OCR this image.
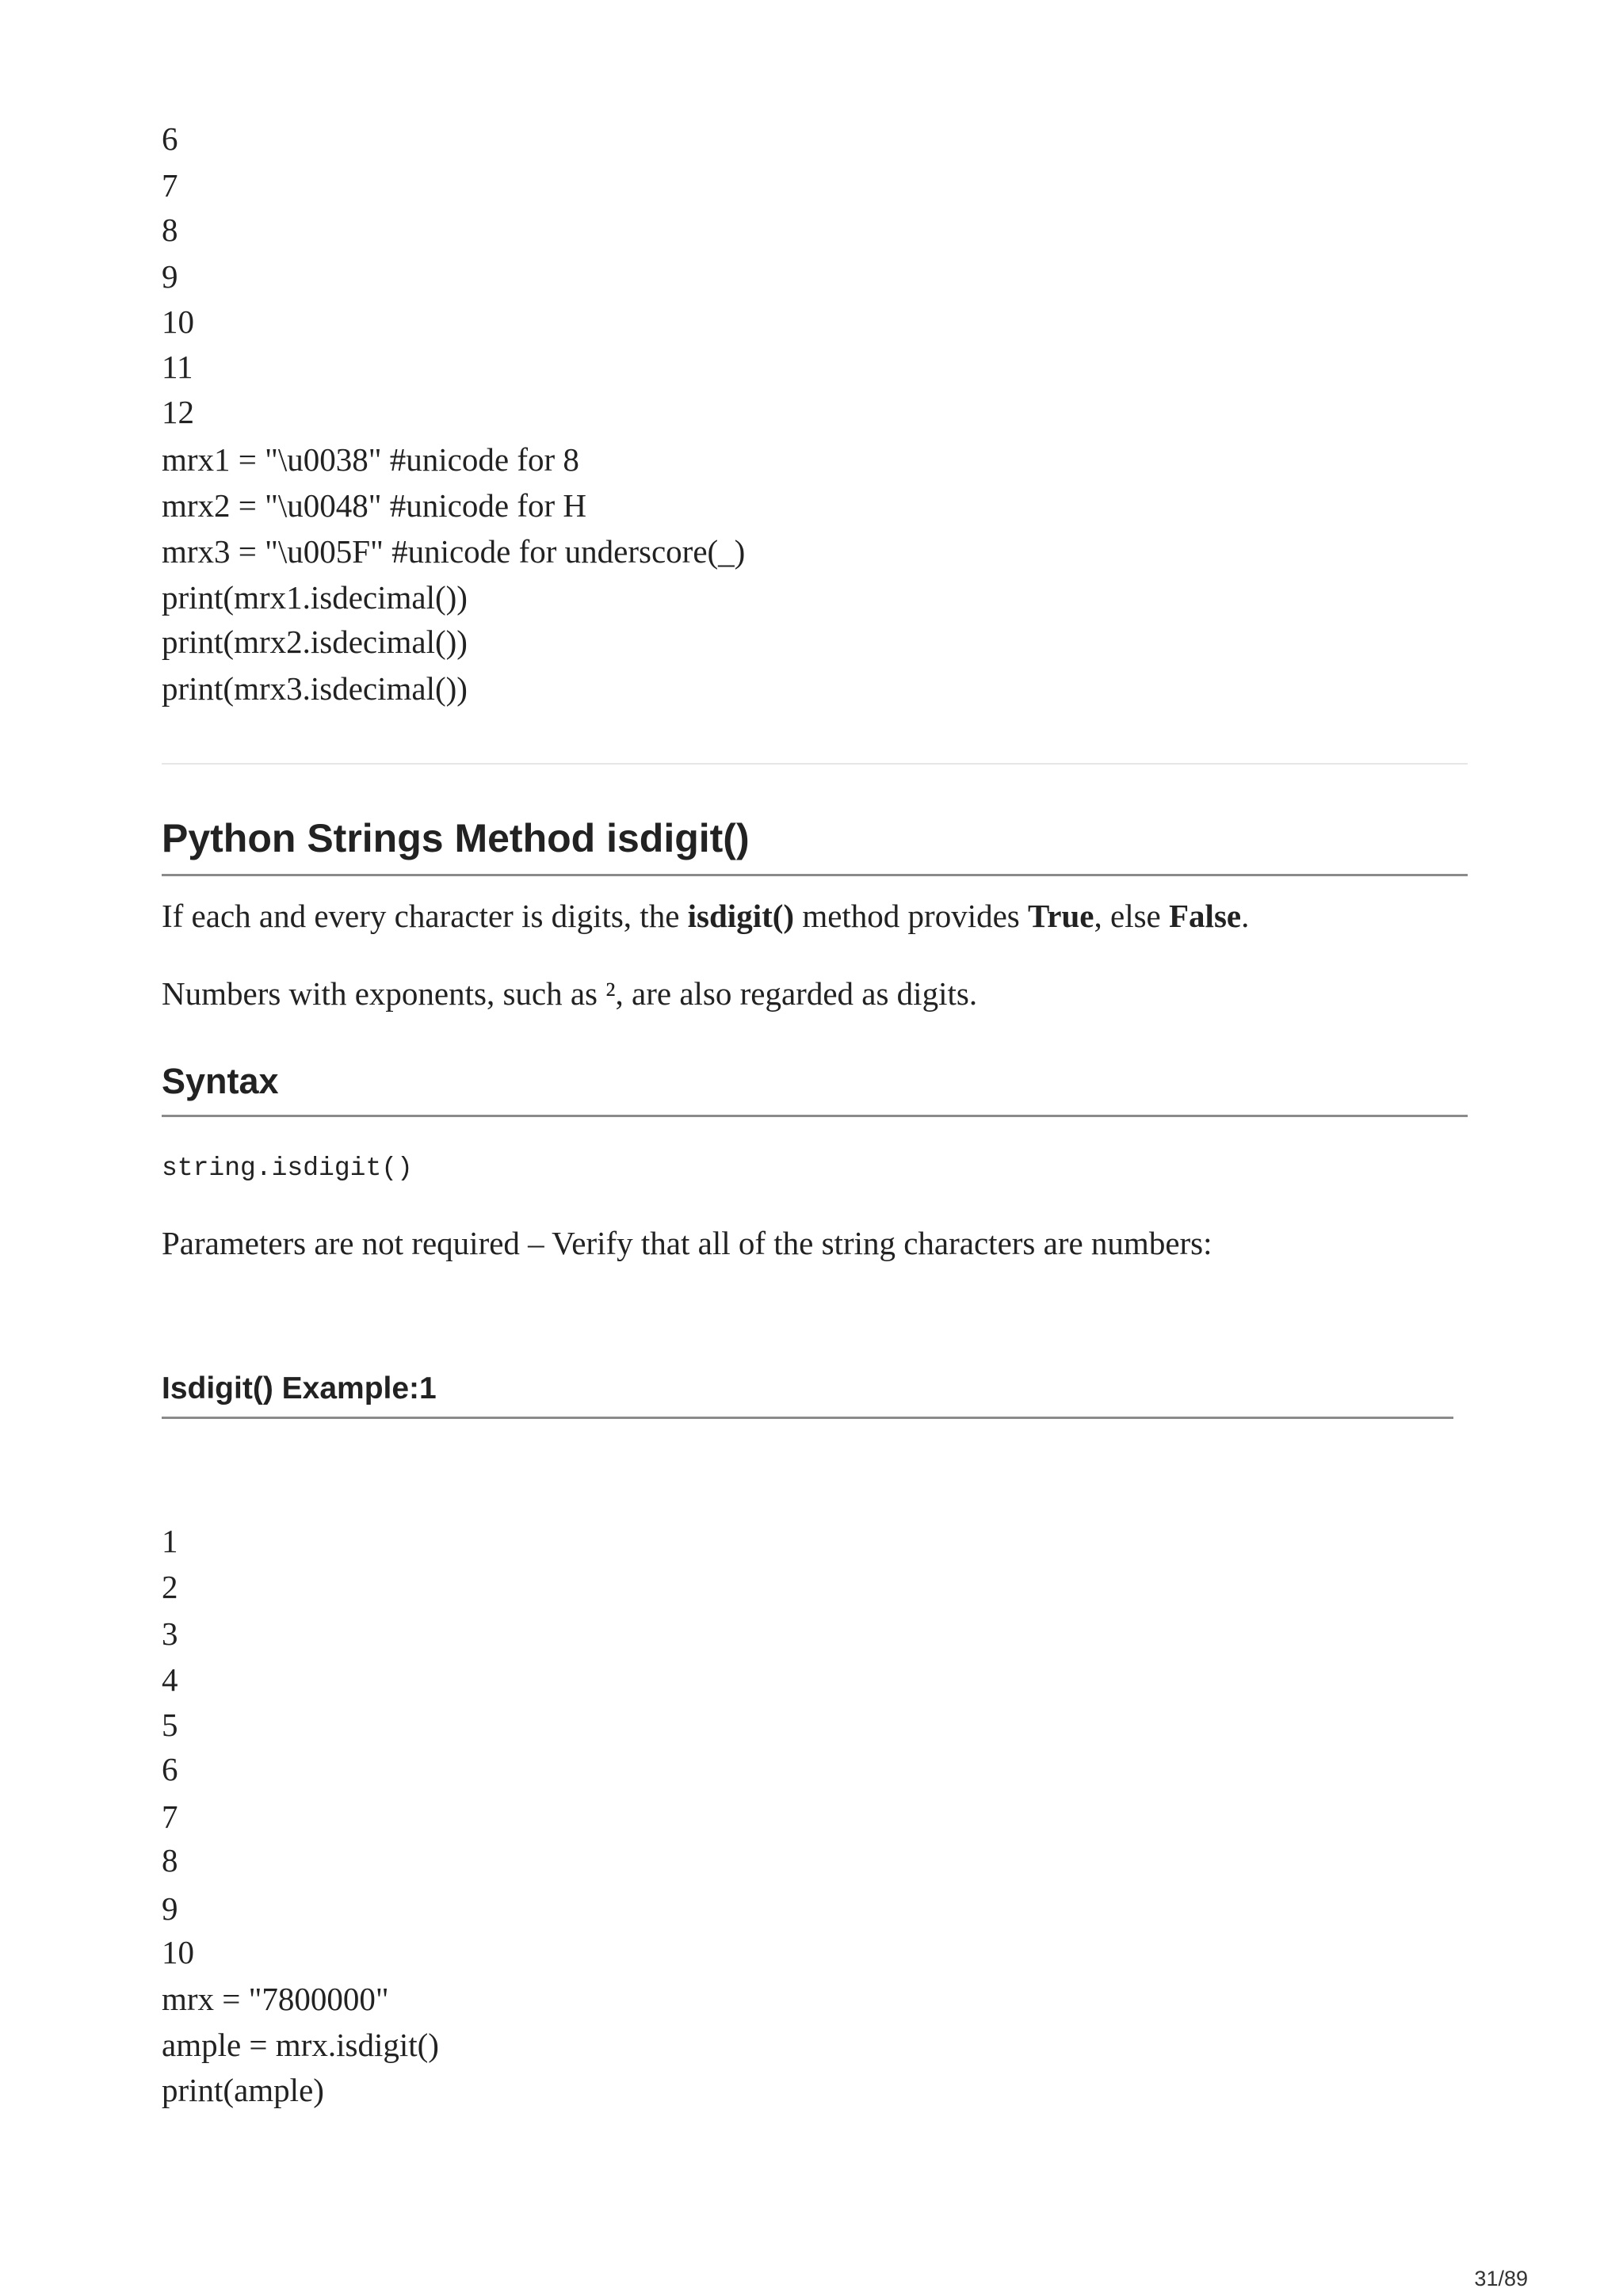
6
7
8
9
10
11
12
mrx1 = "\u0038" #unicode for 8
mrx2 = "\u0048" #unicode for H
mrx3 = "\u005F" #unicode for underscore(_)
print(mrx1.isdecimal())
print(mrx2.isdecimal())
print(mrx3.isdecimal())
Python Strings Method isdigit()
If each and every character is digits, the isdigit() method provides True, else False.
Numbers with exponents, such as ², are also regarded as digits.
Syntax
string.isdigit()
Parameters are not required – Verify that all of the string characters are numbers:
Isdigit() Example:1
1
2
3
4
5
6
7
8
9
10
mrx = "7800000"
ample = mrx.isdigit()
print(ample)
31/89
